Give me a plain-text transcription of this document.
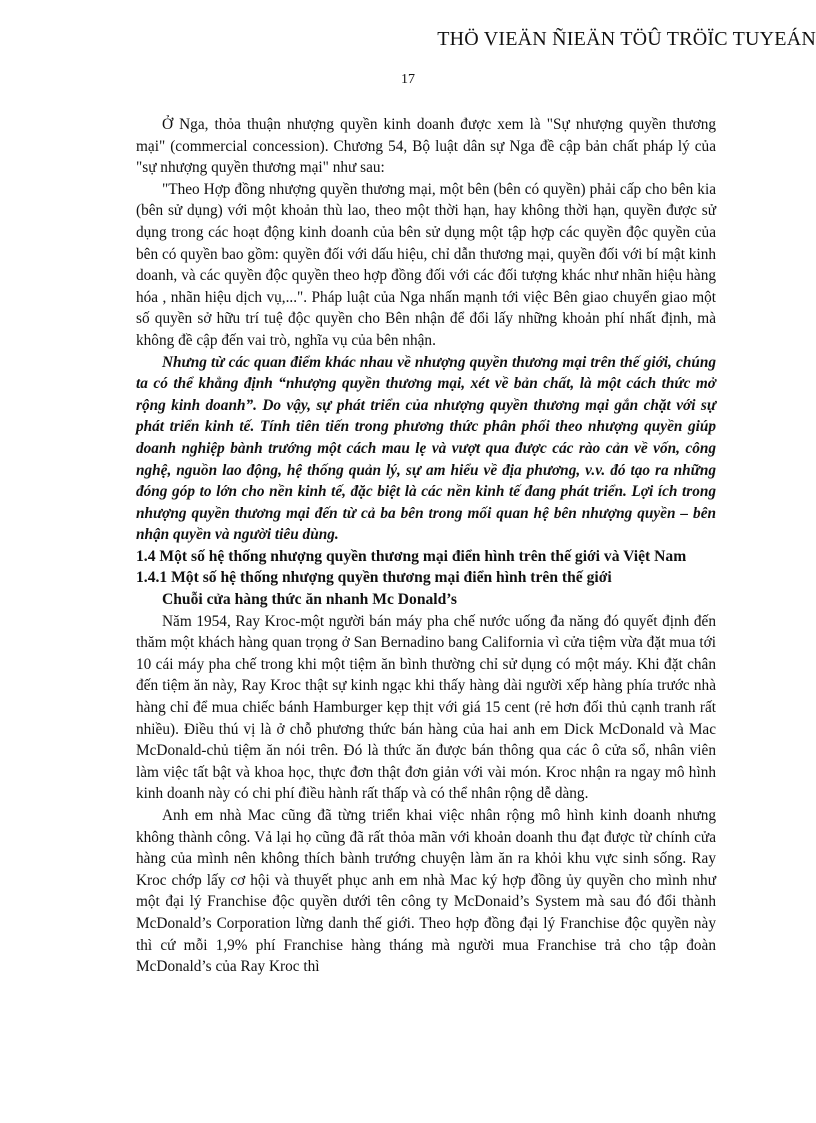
THÖ VIEÄN ÑIEÄN TÖÛ TRÖÏC TUYEÁN
17

Ở Nga, thỏa thuận nhượng quyền kinh doanh được xem là "Sự nhượng quyền thương mại" (commercial concession). Chương 54, Bộ luật dân sự Nga đề cập bản chất pháp lý của "sự nhượng quyền thương mại" như sau:

"Theo Hợp đồng nhượng quyền thương mại, một bên (bên có quyền) phải cấp cho bên kia (bên sử dụng) với một khoản thù lao, theo một thời hạn, hay không thời hạn, quyền được sử dụng trong các hoạt động kinh doanh của bên sử dụng một tập hợp các quyền độc quyền của bên có quyền bao gồm: quyền đối với dấu hiệu, chỉ dẫn thương mại, quyền đối với bí mật kinh doanh, và các quyền độc quyền theo hợp đồng đối với các đối tượng khác như nhãn hiệu hàng hóa , nhãn hiệu dịch vụ,...". Pháp luật của Nga nhấn mạnh tới việc Bên giao chuyển giao một số quyền sở hữu trí tuệ độc quyền cho Bên nhận để đổi lấy những khoản phí nhất định, mà không đề cập đến vai trò, nghĩa vụ của bên nhận.

Nhưng từ các quan điểm khác nhau về nhượng quyền thương mại trên thế giới, chúng ta có thể khẳng định “nhượng quyền thương mại, xét về bản chất, là một cách thức mở rộng kinh doanh”. Do vậy, sự phát triển của nhượng quyền thương mại gắn chặt với sự phát triển kinh tế. Tính tiên tiến trong phương thức phân phối theo nhượng quyền giúp doanh nghiệp bành trướng một cách mau lẹ và vượt qua được các rào cản về vốn, công nghệ, nguồn lao động, hệ thống quản lý, sự am hiểu về địa phương, v.v. đó tạo ra những đóng góp to lớn cho nền kinh tế, đặc biệt là các nền kinh tế đang phát triển. Lợi ích trong nhượng quyền thương mại đến từ cả ba bên trong mối quan hệ bên nhượng quyền – bên nhận quyền và người tiêu dùng.

1.4 Một số hệ thống nhượng quyền thương mại điển hình trên thế giới và Việt Nam

1.4.1 Một số hệ thống nhượng quyền thương mại điển hình trên thế giới

Chuỗi cửa hàng thức ăn nhanh Mc Donald’s

Năm 1954, Ray Kroc-một người bán máy pha chế nước uống đa năng đó quyết định đến thăm một khách hàng quan trọng ở San Bernadino bang California vì cửa tiệm vừa đặt mua tới 10 cái máy pha chế trong khi một tiệm ăn bình thường chỉ sử dụng có một máy. Khi đặt chân đến tiệm ăn này, Ray Kroc thật sự kinh ngạc khi thấy hàng dài người xếp hàng phía trước nhà hàng chỉ để mua chiếc bánh Hamburger kẹp thịt với giá 15 cent (rẻ hơn đối thủ cạnh tranh rất nhiều). Điều thú vị là ở chỗ phương thức bán hàng của hai anh em Dick McDonald và Mac McDonald-chủ tiệm ăn nói trên. Đó là thức ăn được bán thông qua các ô cửa sổ, nhân viên làm việc tất bật và khoa học, thực đơn thật đơn giản với vài món. Kroc nhận ra ngay mô hình kinh doanh này có chi phí điều hành rất thấp và có thể nhân rộng dễ dàng.

Anh em nhà Mac cũng đã từng triển khai việc nhân rộng mô hình kinh doanh nhưng không thành công. Vả lại họ cũng đã rất thỏa mãn với khoản doanh thu đạt được từ chính cửa hàng của mình nên không thích bành trướng chuyện làm ăn ra khỏi khu vực sinh sống. Ray Kroc chớp lấy cơ hội và thuyết phục anh em nhà Mac ký hợp đồng ủy quyền cho mình như một đại lý Franchise độc quyền dưới tên công ty McDonaid’s System mà sau đó đổi thành McDonald’s Corporation lừng danh thế giới. Theo hợp đồng đại lý Franchise độc quyền này thì cứ mỗi 1,9% phí Franchise hàng tháng mà người mua Franchise trả cho tập đoàn McDonald’s của Ray Kroc thì
